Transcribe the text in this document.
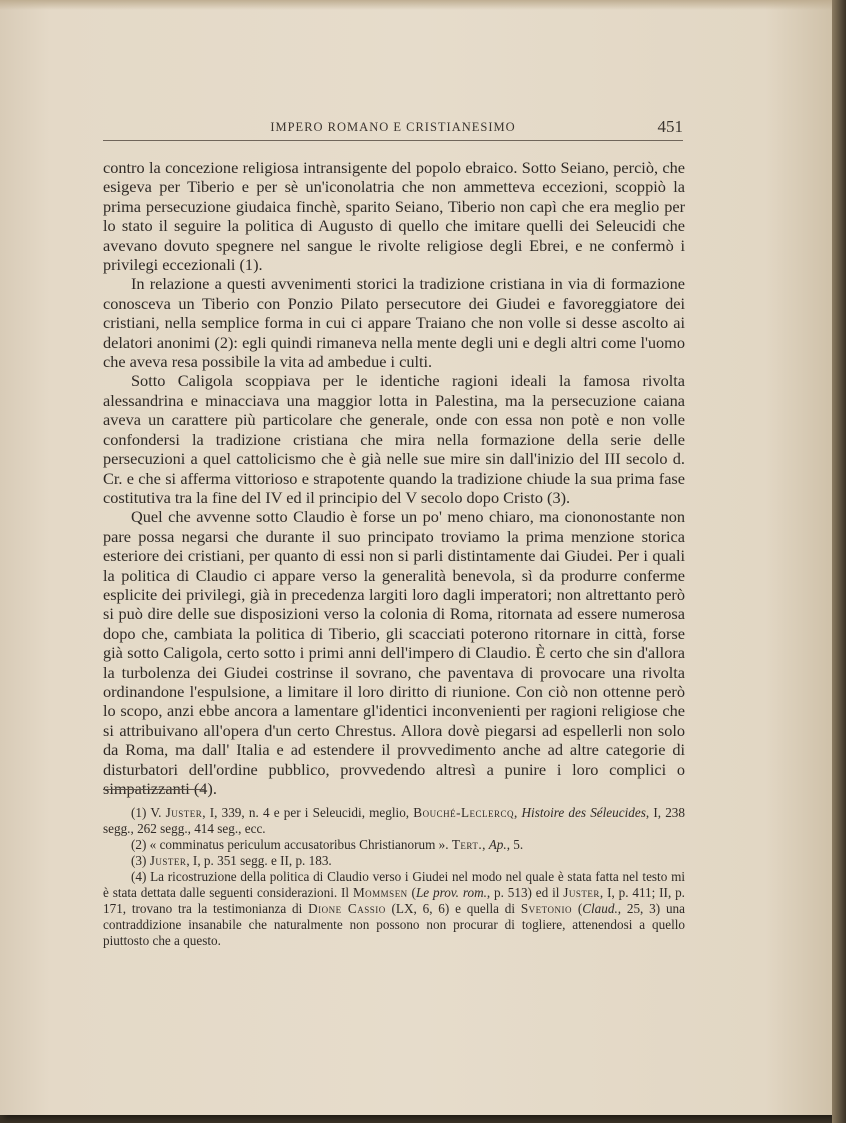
IMPERO ROMANO E CRISTIANESIMO	451

contro la concezione religiosa intransigente del popolo ebraico. Sotto Seiano, perciò, che esigeva per Tiberio e per sè un'iconolatria che non ammetteva eccezioni, scoppiò la prima persecuzione giudaica finchè, sparito Seiano, Tiberio non capì che era meglio per lo stato il seguire la politica di Augusto di quello che imitare quelli dei Seleucidi che avevano dovuto spegnere nel sangue le rivolte religiose degli Ebrei, e ne confermò i privilegi eccezionali (1).

In relazione a questi avvenimenti storici la tradizione cristiana in via di formazione conosceva un Tiberio con Ponzio Pilato persecutore dei Giudei e favoreggiatore dei cristiani, nella semplice forma in cui ci appare Traiano che non volle si desse ascolto ai delatori anonimi (2): egli quindi rimaneva nella mente degli uni e degli altri come l'uomo che aveva resa possibile la vita ad ambedue i culti.

Sotto Caligola scoppiava per le identiche ragioni ideali la famosa rivolta alessandrina e minacciava una maggior lotta in Palestina, ma la persecuzione caiana aveva un carattere più particolare che generale, onde con essa non potè e non volle confondersi la tradizione cristiana che mira nella formazione della serie delle persecuzioni a quel cattolicismo che è già nelle sue mire sin dall'inizio del III secolo d. Cr. e che si afferma vittorioso e strapotente quando la tradizione chiude la sua prima fase costitutiva tra la fine del IV ed il principio del V secolo dopo Cristo (3).

Quel che avvenne sotto Claudio è forse un po' meno chiaro, ma ciononostante non pare possa negarsi che durante il suo principato troviamo la prima menzione storica esteriore dei cristiani, per quanto di essi non si parli distintamente dai Giudei. Per i quali la politica di Claudio ci appare verso la generalità benevola, sì da produrre conferme esplicite dei privilegi, già in precedenza largiti loro dagli imperatori; non altrettanto però si può dire delle sue disposizioni verso la colonia di Roma, ritornata ad essere numerosa dopo che, cambiata la politica di Tiberio, gli scacciati poterono ritornare in città, forse già sotto Caligola, certo sotto i primi anni dell'impero di Claudio. È certo che sin d'allora la turbolenza dei Giudei costrinse il sovrano, che paventava di provocare una rivolta ordinandone l'espulsione, a limitare il loro diritto di riunione. Con ciò non ottenne però lo scopo, anzi ebbe ancora a lamentare gl'identici inconvenienti per ragioni religiose che si attribuivano all'opera d'un certo Chrestus. Allora dovè piegarsi ad espellerli non solo da Roma, ma dall' Italia e ad estendere il provvedimento anche ad altre categorie di disturbatori dell'ordine pubblico, provvedendo altresì a punire i loro complici o simpatizzanti (4).

(1) V. Juster, I, 339, n. 4 e per i Seleucidi, meglio, Bouché-Leclercq, Histoire des Séleucides, I, 238 segg., 262 segg., 414 seg., ecc.

(2) « comminatus periculum accusatoribus Christianorum ». Tert., Ap., 5.

(3) Juster, I, p. 351 segg. e II, p. 183.

(4) La ricostruzione della politica di Claudio verso i Giudei nel modo nel quale è stata fatta nel testo mi è stata dettata dalle seguenti considerazioni. Il Mommsen (Le prov. rom., p. 513) ed il Juster, I, p. 411; II, p. 171, trovano tra la testimonianza di Dione Cassio (LX, 6, 6) e quella di Svetonio (Claud., 25, 3) una contraddizione insanabile che naturalmente non possono non procurar di togliere, attenendosi a quello piuttosto che a questo.
